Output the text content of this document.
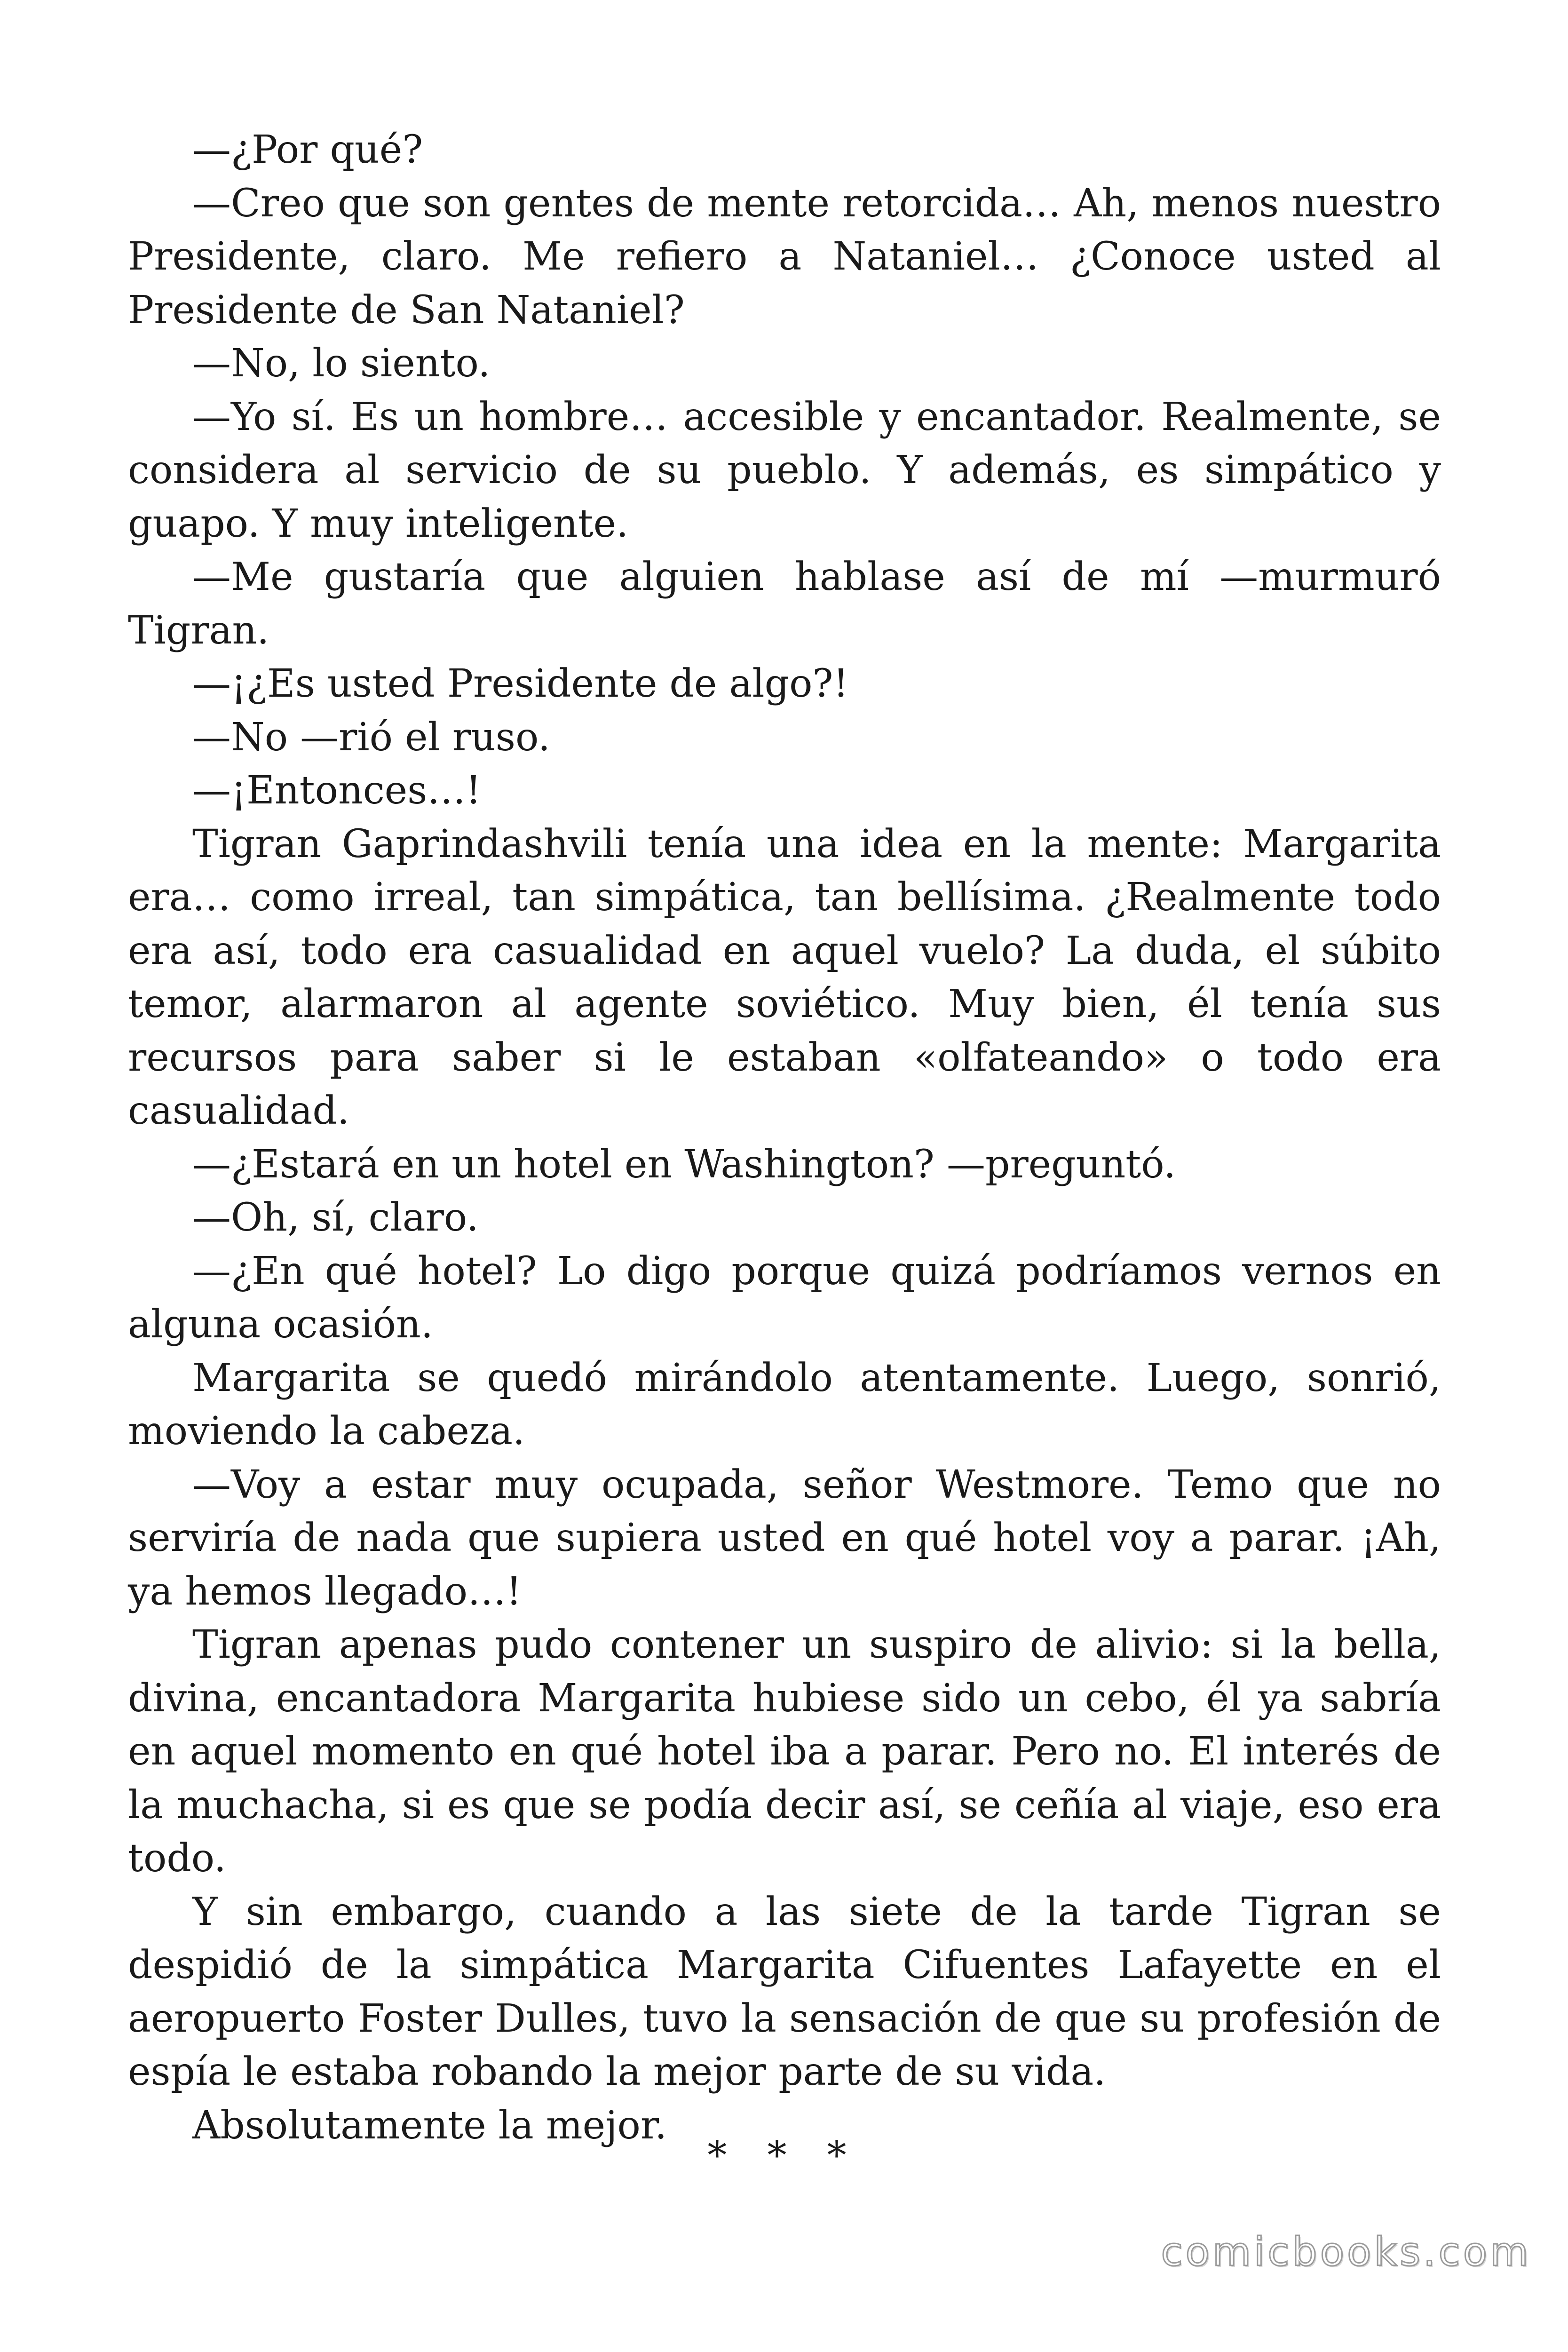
—¿Por qué?

—Creo que son gentes de mente retorcida… Ah, menos nuestro Presidente, claro. Me refiero a Nataniel… ¿Conoce usted al Presidente de San Nataniel?

—No, lo siento.

—Yo sí. Es un hombre… accesible y encantador. Realmente, se considera al servicio de su pueblo. Y además, es simpático y guapo. Y muy inteligente.

—Me gustaría que alguien hablase así de mí —murmuró Tigran.

—¡¿Es usted Presidente de algo?!

—No —rió el ruso.

—¡Entonces…!

Tigran Gaprindashvili tenía una idea en la mente: Margarita era… como irreal, tan simpática, tan bellísima. ¿Realmente todo era así, todo era casualidad en aquel vuelo? La duda, el súbito temor, alarmaron al agente soviético. Muy bien, él tenía sus recursos para saber si le estaban «olfateando» o todo era casualidad.

—¿Estará en un hotel en Washington? —preguntó.

—Oh, sí, claro.

—¿En qué hotel? Lo digo porque quizá podríamos vernos en alguna ocasión.

Margarita se quedó mirándolo atentamente. Luego, sonrió, moviendo la cabeza.

—Voy a estar muy ocupada, señor Westmore. Temo que no serviría de nada que supiera usted en qué hotel voy a parar. ¡Ah, ya hemos llegado…!

Tigran apenas pudo contener un suspiro de alivio: si la bella, divina, encantadora Margarita hubiese sido un cebo, él ya sabría en aquel momento en qué hotel iba a parar. Pero no. El interés de la muchacha, si es que se podía decir así, se ceñía al viaje, eso era todo.

Y sin embargo, cuando a las siete de la tarde Tigran se despidió de la simpática Margarita Cifuentes Lafayette en el aeropuerto Foster Dulles, tuvo la sensación de que su profesión de espía le estaba robando la mejor parte de su vida.

Absolutamente la mejor.

* * *
comicbooks.com
